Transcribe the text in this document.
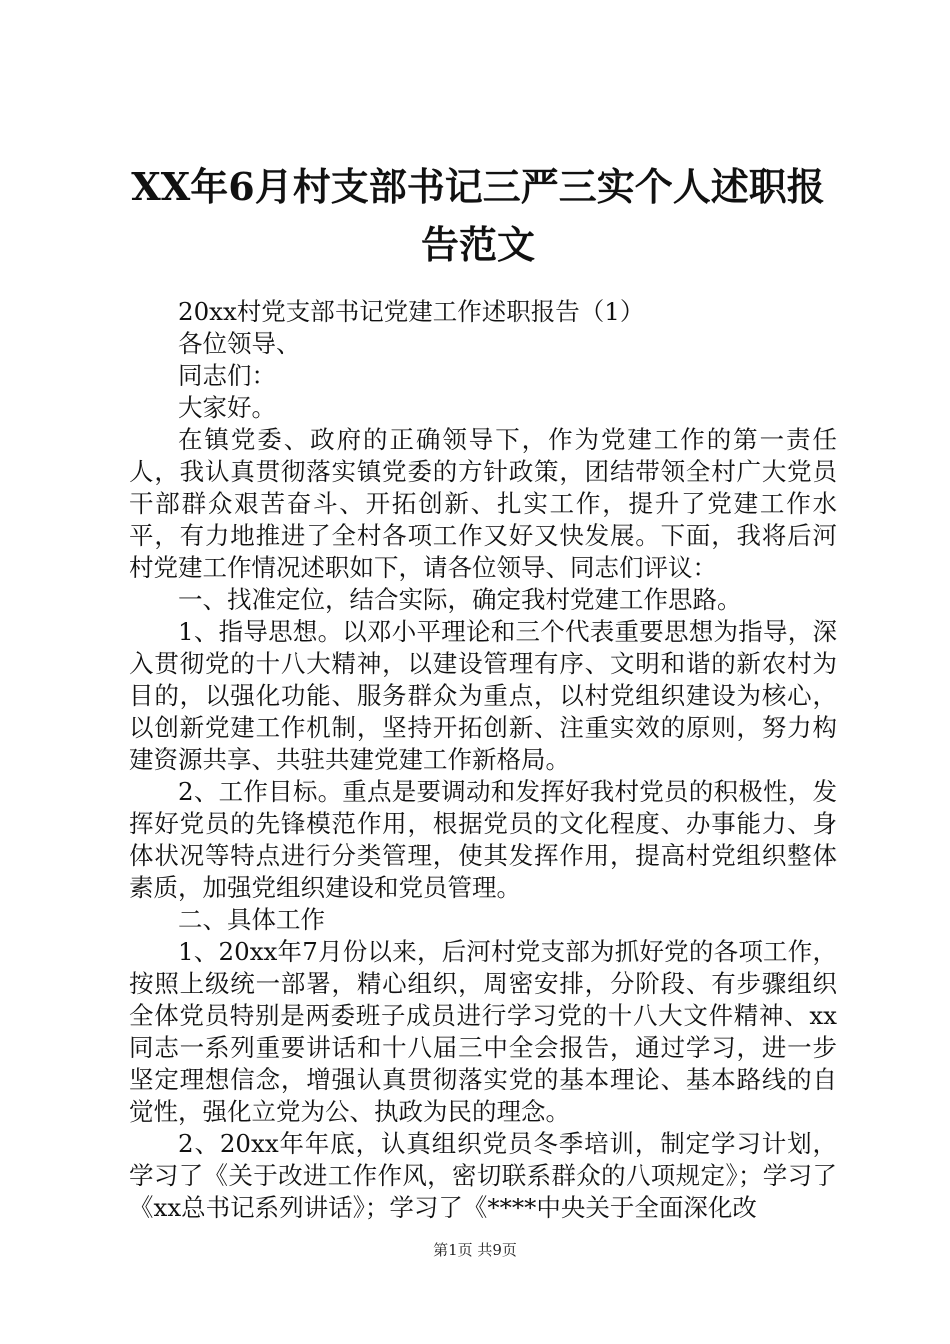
XX年6月村支部书记三严三实个人述职报告范文

20xx村党支部书记党建工作述职报告（1）

各位领导、

同志们：

大家好。

在镇党委、政府的正确领导下，作为党建工作的第一责任人，我认真贯彻落实镇党委的方针政策，团结带领全村广大党员干部群众艰苦奋斗、开拓创新、扎实工作，提升了党建工作水平，有力地推进了全村各项工作又好又快发展。下面，我将后河村党建工作情况述职如下，请各位领导、同志们评议：

一、找准定位，结合实际，确定我村党建工作思路。

1、指导思想。以邓小平理论和三个代表重要思想为指导，深入贯彻党的十八大精神，以建设管理有序、文明和谐的新农村为目的，以强化功能、服务群众为重点，以村党组织建设为核心，以创新党建工作机制，坚持开拓创新、注重实效的原则，努力构建资源共享、共驻共建党建工作新格局。

2、工作目标。重点是要调动和发挥好我村党员的积极性，发挥好党员的先锋模范作用，根据党员的文化程度、办事能力、身体状况等特点进行分类管理，使其发挥作用，提高村党组织整体素质，加强党组织建设和党员管理。

二、具体工作

1、20xx年7月份以来，后河村党支部为抓好党的各项工作，按照上级统一部署，精心组织，周密安排，分阶段、有步骤组织全体党员特别是两委班子成员进行学习党的十八大文件精神、xx同志一系列重要讲话和十八届三中全会报告，通过学习，进一步坚定理想信念，增强认真贯彻落实党的基本理论、基本路线的自觉性，强化立党为公、执政为民的理念。

2、20xx年年底，认真组织党员冬季培训，制定学习计划，学习了《关于改进工作作风，密切联系群众的八项规定》；学习了《xx总书记系列讲话》；学习了《****中央关于全面深化改

第1页 共9页
